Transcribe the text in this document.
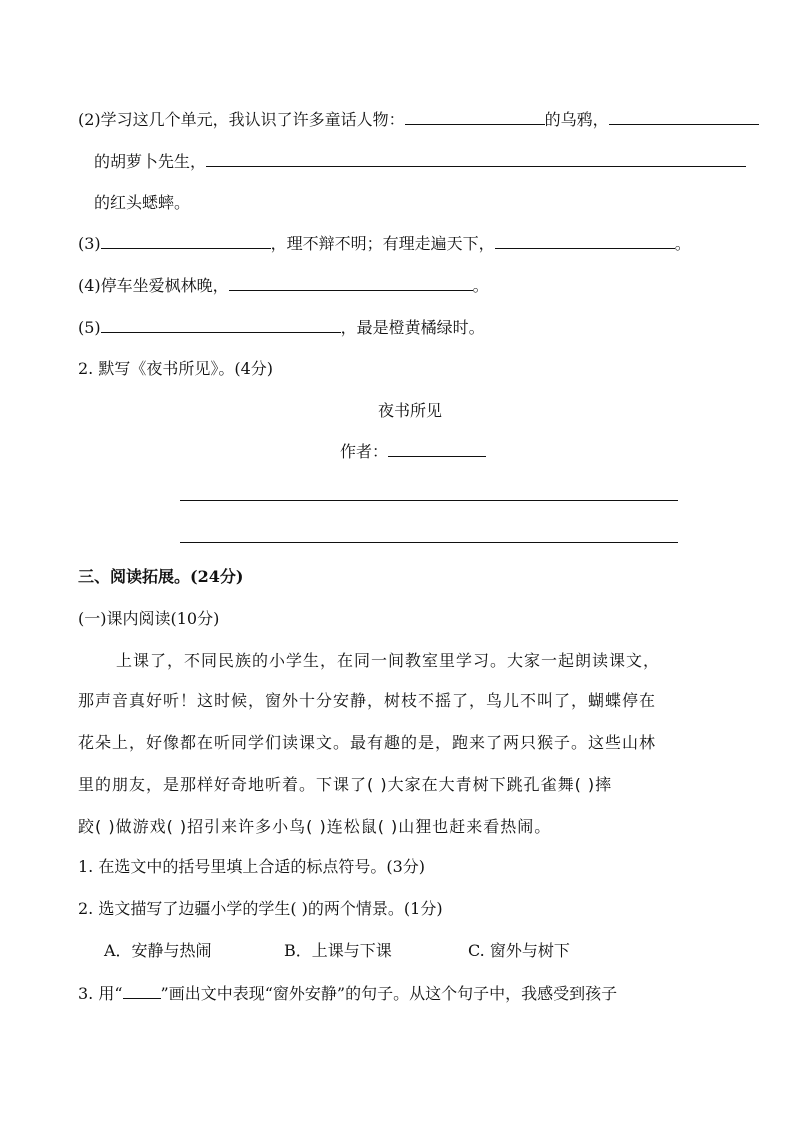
(2)学习这几个单元，我认识了许多童话人物：	的乌鸦，
的胡萝卜先生，
的红头蟋蟀。
(3)	，理不辩不明；有理走遍天下，	。
(4)停车坐爱枫林晚，	。
(5)	，最是橙黄橘绿时。
2. 默写《夜书所见》。(4分)
夜书所见
作者：
三、阅读拓展。(24分)
(一)课内阅读(10分)
上课了，不同民族的小学生，在同一间教室里学习。大家一起朗读课文，
那声音真好听！这时候，窗外十分安静，树枝不摇了，鸟儿不叫了，蝴蝶停在
花朵上，好像都在听同学们读课文。最有趣的是，跑来了两只猴子。这些山林
里的朋友，是那样好奇地听着。下课了( )大家在大青树下跳孔雀舞( )摔
跤( )做游戏( )招引来许多小鸟( )连松鼠( )山狸也赶来看热闹。
1. 在选文中的括号里填上合适的标点符号。(3分)
2. 选文描写了边疆小学的学生( )的两个情景。(1分)
A．安静与热闹	B．上课与下课	C. 窗外与树下
3. 用“ ”画出文中表现“窗外安静”的句子。从这个句子中，我感受到孩子
